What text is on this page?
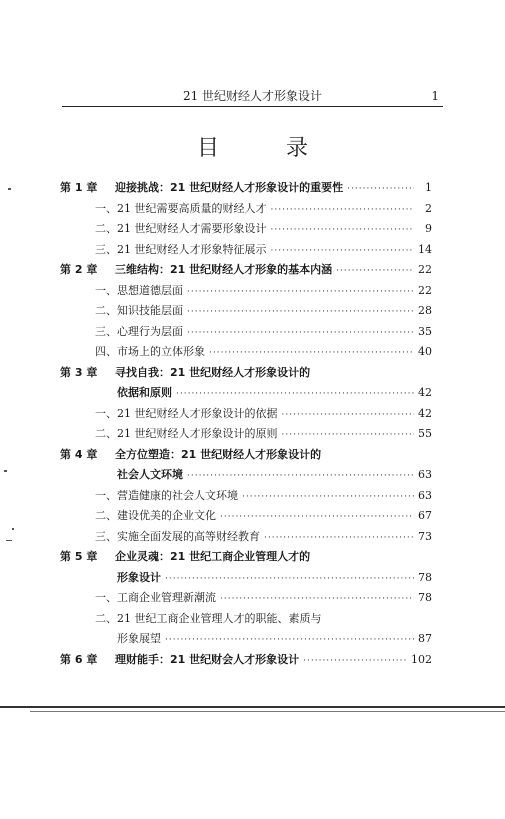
21 世纪财经人才形象设计	1
目 录
第 1 章	迎接挑战：21 世纪财经人才形象设计的重要性 ·····	1
一、 21 世纪需要高质量的财经人才 ·····	2
二、 21 世纪财经人才需要形象设计 ·····	9
三、 21 世纪财经人才形象特征展示 ·····	14
第 2 章	三维结构：21 世纪财经人才形象的基本内涵 ·····	22
一、 思想道德层面 ·····	22
二、 知识技能层面 ·····	28
三、 心理行为层面 ·····	35
四、 市场上的立体形象 ·····	40
第 3 章	寻找自我：21 世纪财经人才形象设计的
依据和原则 ·····	42
一、 21 世纪财经人才形象设计的依据 ·····	42
二、 21 世纪财经人才形象设计的原则 ·····	55
第 4 章	全方位塑造：21 世纪财经人才形象设计的
社会人文环境 ·····	63
一、 营造健康的社会人文环境 ·····	63
二、 建设优美的企业文化 ·····	67
三、 实施全面发展的高等财经教育 ·····	73
第 5 章	企业灵魂：21 世纪工商企业管理人才的
形象设计 ·····	78
一、 工商企业管理新潮流 ·····	78
二、 21 世纪工商企业管理人才的职能、素质与
形象展望 ·····	87
第 6 章	理财能手：21 世纪财会人才形象设计 ·····	102
